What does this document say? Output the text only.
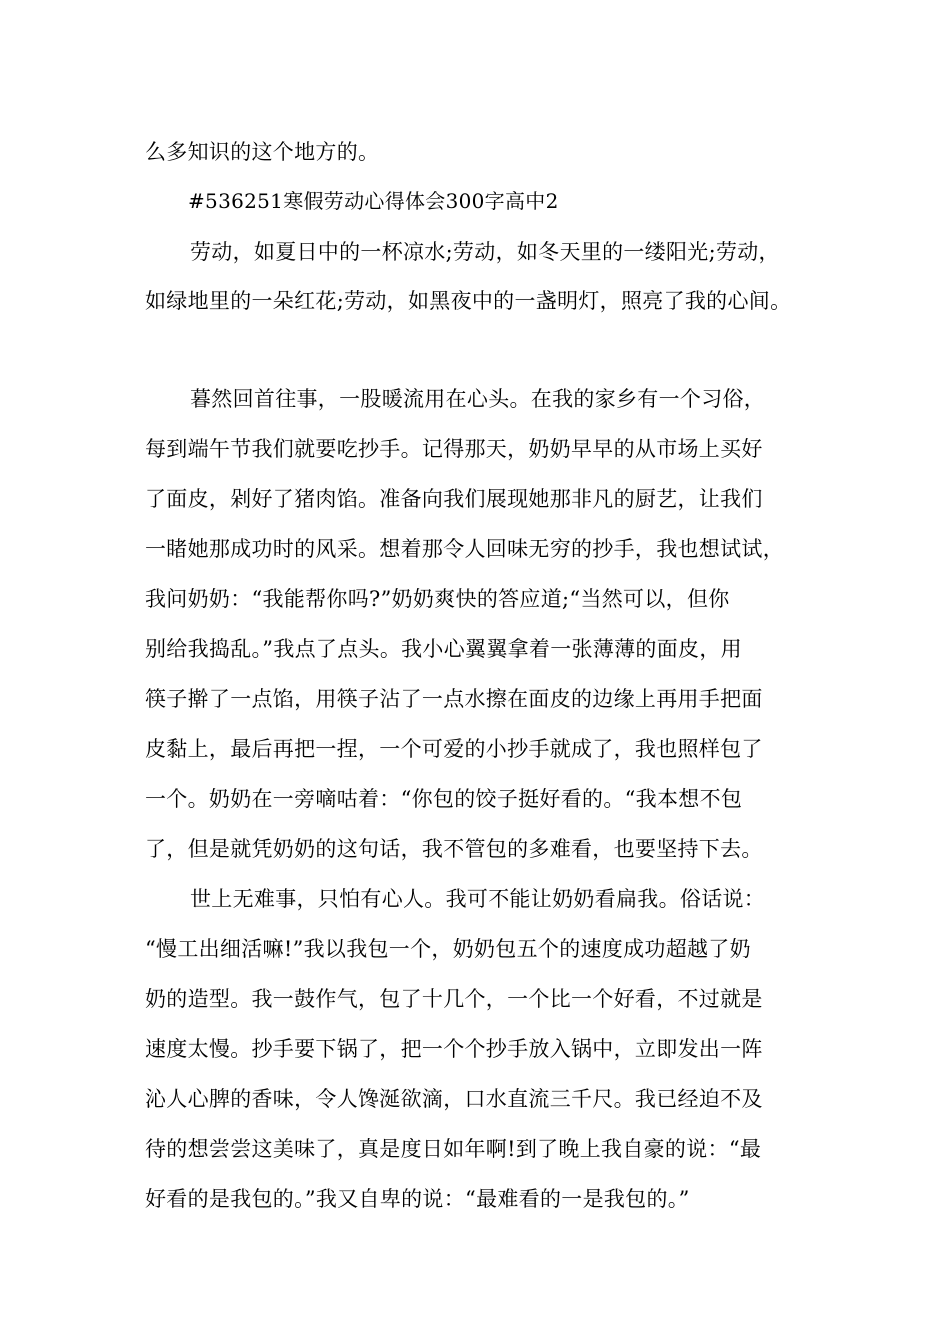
么多知识的这个地方的。
#536251寒假劳动心得体会300字高中2
劳动，如夏日中的一杯凉水;劳动，如冬天里的一缕阳光;劳动，
如绿地里的一朵红花;劳动，如黑夜中的一盏明灯，照亮了我的心间。
暮然回首往事，一股暖流用在心头。在我的家乡有一个习俗，
每到端午节我们就要吃抄手。记得那天，奶奶早早的从市场上买好
了面皮，剁好了猪肉馅。准备向我们展现她那非凡的厨艺，让我们
一睹她那成功时的风采。想着那令人回味无穷的抄手，我也想试试，
我问奶奶：“我能帮你吗?”奶奶爽快的答应道;“当然可以，但你
别给我捣乱。”我点了点头。我小心翼翼拿着一张薄薄的面皮，用
筷子擀了一点馅，用筷子沾了一点水擦在面皮的边缘上再用手把面
皮黏上，最后再把一捏，一个可爱的小抄手就成了，我也照样包了
一个。奶奶在一旁嘀咕着：“你包的饺子挺好看的。“我本想不包
了，但是就凭奶奶的这句话，我不管包的多难看，也要坚持下去。
世上无难事，只怕有心人。我可不能让奶奶看扁我。俗话说：
“慢工出细活嘛!”我以我包一个，奶奶包五个的速度成功超越了奶
奶的造型。我一鼓作气，包了十几个，一个比一个好看，不过就是
速度太慢。抄手要下锅了，把一个个抄手放入锅中，立即发出一阵
沁人心脾的香味，令人馋涎欲滴，口水直流三千尺。我已经迫不及
待的想尝尝这美味了，真是度日如年啊!到了晚上我自豪的说：“最
好看的是我包的。”我又自卑的说：“最难看的一是我包的。”
